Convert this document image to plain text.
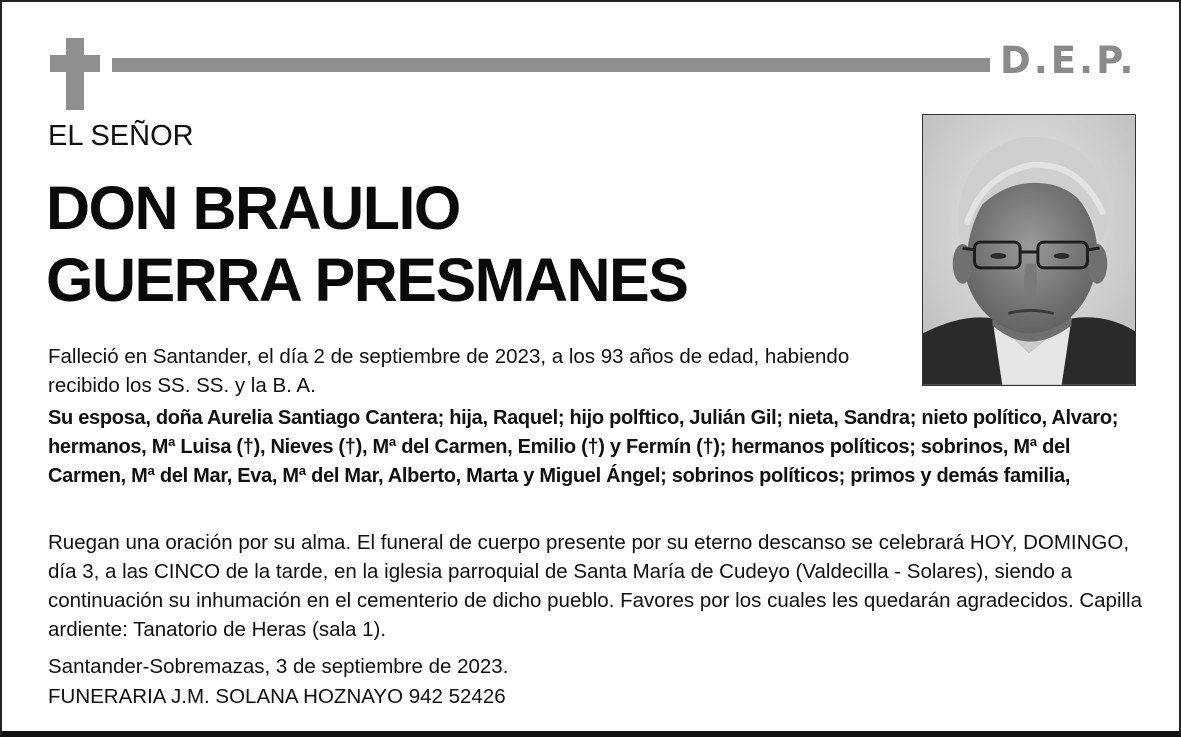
D.E.P.
EL SEÑOR
DON BRAULIO
GUERRA PRESMANES
Falleció en Santander, el día 2 de septiembre de 2023, a los 93 años de edad, habiendo recibido los SS. SS. y la B. A.
Su esposa, doña Aurelia Santiago Cantera; hija, Raquel; hijo polftico, Julián Gil; nieta, Sandra; nieto político, Alvaro; hermanos, Mª Luisa (†), Nieves (†), Mª del Carmen, Emilio (†) y Fermín (†); hermanos políticos; sobrinos, Mª del Carmen, Mª del Mar, Eva, Mª del Mar, Alberto, Marta y Miguel Ángel; sobrinos políticos; primos y demás familia,
Ruegan una oración por su alma. El funeral de cuerpo presente por su eterno descanso se celebrará HOY, DOMINGO, día 3, a las CINCO de la tarde, en la iglesia parroquial de Santa María de Cudeyo (Valdecilla - Solares), siendo a continuación su inhumación en el cementerio de dicho pueblo. Favores por los cuales les quedarán agradecidos. Capilla ardiente: Tanatorio de Heras (sala 1).
Santander-Sobremazas, 3 de septiembre de 2023.
FUNERARIA J.M. SOLANA HOZNAYO 942 52426
